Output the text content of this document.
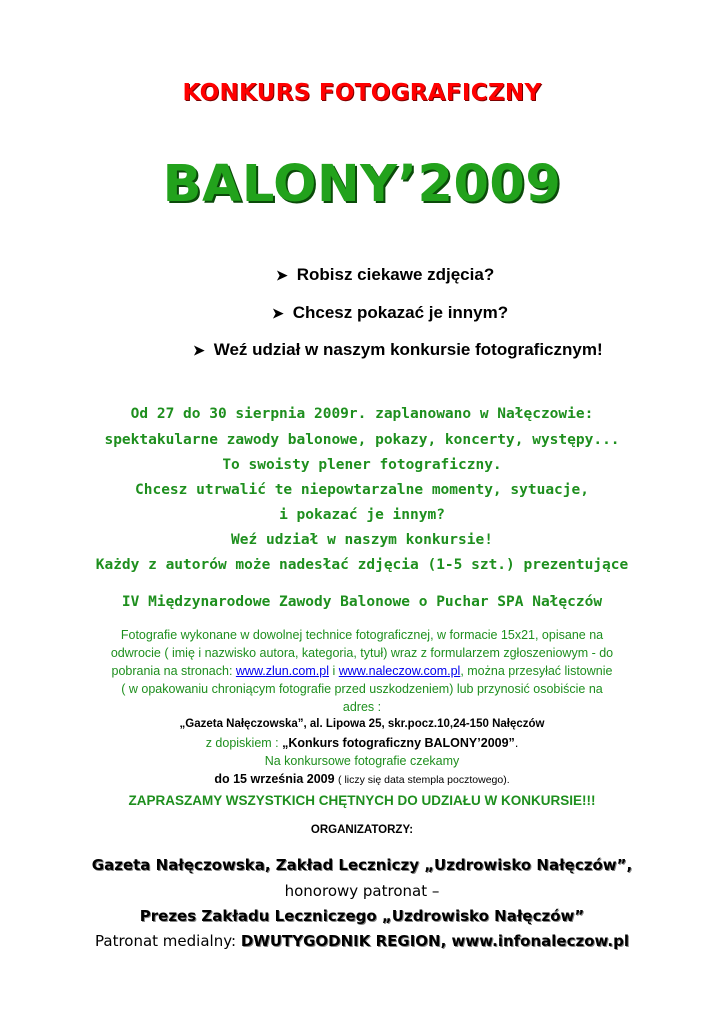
KONKURS FOTOGRAFICZNY
BALONY’2009
➤ Robisz ciekawe zdjęcia?
➤ Chcesz pokazać je innym?
➤ Weź udział w naszym konkursie fotograficznym!
Od 27 do 30 sierpnia 2009r. zaplanowano w Nałęczowie:
spektakularne zawody balonowe, pokazy, koncerty, występy...
To swoisty plener fotograficzny.
Chcesz utrwalić te niepowtarzalne momenty, sytuacje,
i pokazać je innym?
Weź udział w naszym konkursie!
Każdy z autorów może nadesłać zdjęcia (1-5 szt.) prezentujące
IV Międzynarodowe Zawody Balonowe o Puchar SPA Nałęczów
Fotografie wykonane w dowolnej technice fotograficznej, w formacie 15x21, opisane na
odwrocie ( imię i nazwisko autora, kategoria, tytuł) wraz z formularzem zgłoszeniowym - do
pobrania na stronach: www.zlun.com.pl i www.naleczow.com.pl, można przesyłać listownie
( w opakowaniu chroniącym fotografie przed uszkodzeniem) lub przynosić osobiście na
adres :
„Gazeta Nałęczowska”, al. Lipowa 25, skr.pocz.10,24-150 Nałęczów
z dopiskiem : „Konkurs fotograficzny BALONY’2009”.
Na konkursowe fotografie czekamy
do 15 września 2009 ( liczy się data stempla pocztowego).
ZAPRASZAMY WSZYSTKICH CHĘTNYCH DO UDZIAŁU W KONKURSIE!!!
ORGANIZATORZY:
Gazeta Nałęczowska, Zakład Leczniczy „Uzdrowisko Nałęczów”,
honorowy patronat –
Prezes Zakładu Leczniczego „Uzdrowisko Nałęczów”
Patronat medialny: DWUTYGODNIK REGION, www.infonaleczow.pl
